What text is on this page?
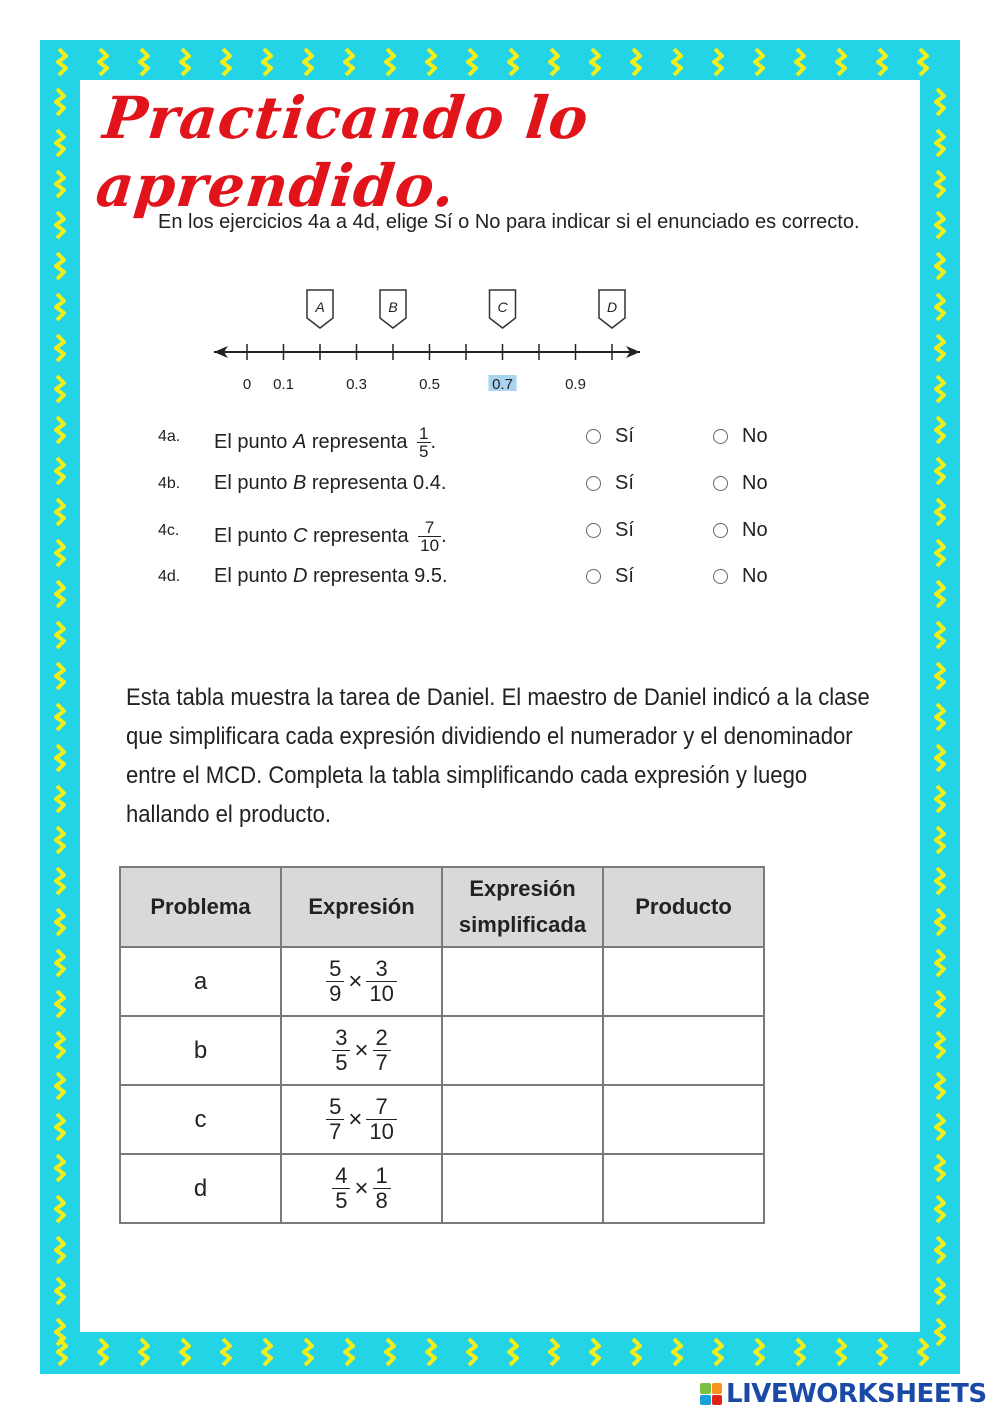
Practicando lo aprendido.
En los ejercicios 4a a 4d, elige Sí o No para indicar si el enunciado es correcto.
0 0.1	0.3	0.5	0.7	0.9
A	B	C	D
4a. El punto A representa $\frac{1}{5}$ .	Sí	No
4b. El punto B representa 0.4.	Sí	No
4c. El punto C representa $\frac{7}{10}$ .	Sí	No
4d. El punto D representa 9.5.	Sí	No
Esta tabla muestra la tarea de Daniel. El maestro de Daniel indicó a la clase que simplificara cada expresión dividiendo el numerador y el denominador entre el MCD. Completa la tabla simplificando cada expresión y luego hallando el producto.
Problema	Expresión	Expresión simplificada	Producto
a	$\frac{5}{9} \times \frac{3}{10}$

b	$\frac{3}{5} \times \frac{2}{7}$

c	$\frac{5}{7} \times \frac{7}{10}$

d	$\frac{4}{5} \times \frac{1}{8}$

LIVEWORKSHEETS
